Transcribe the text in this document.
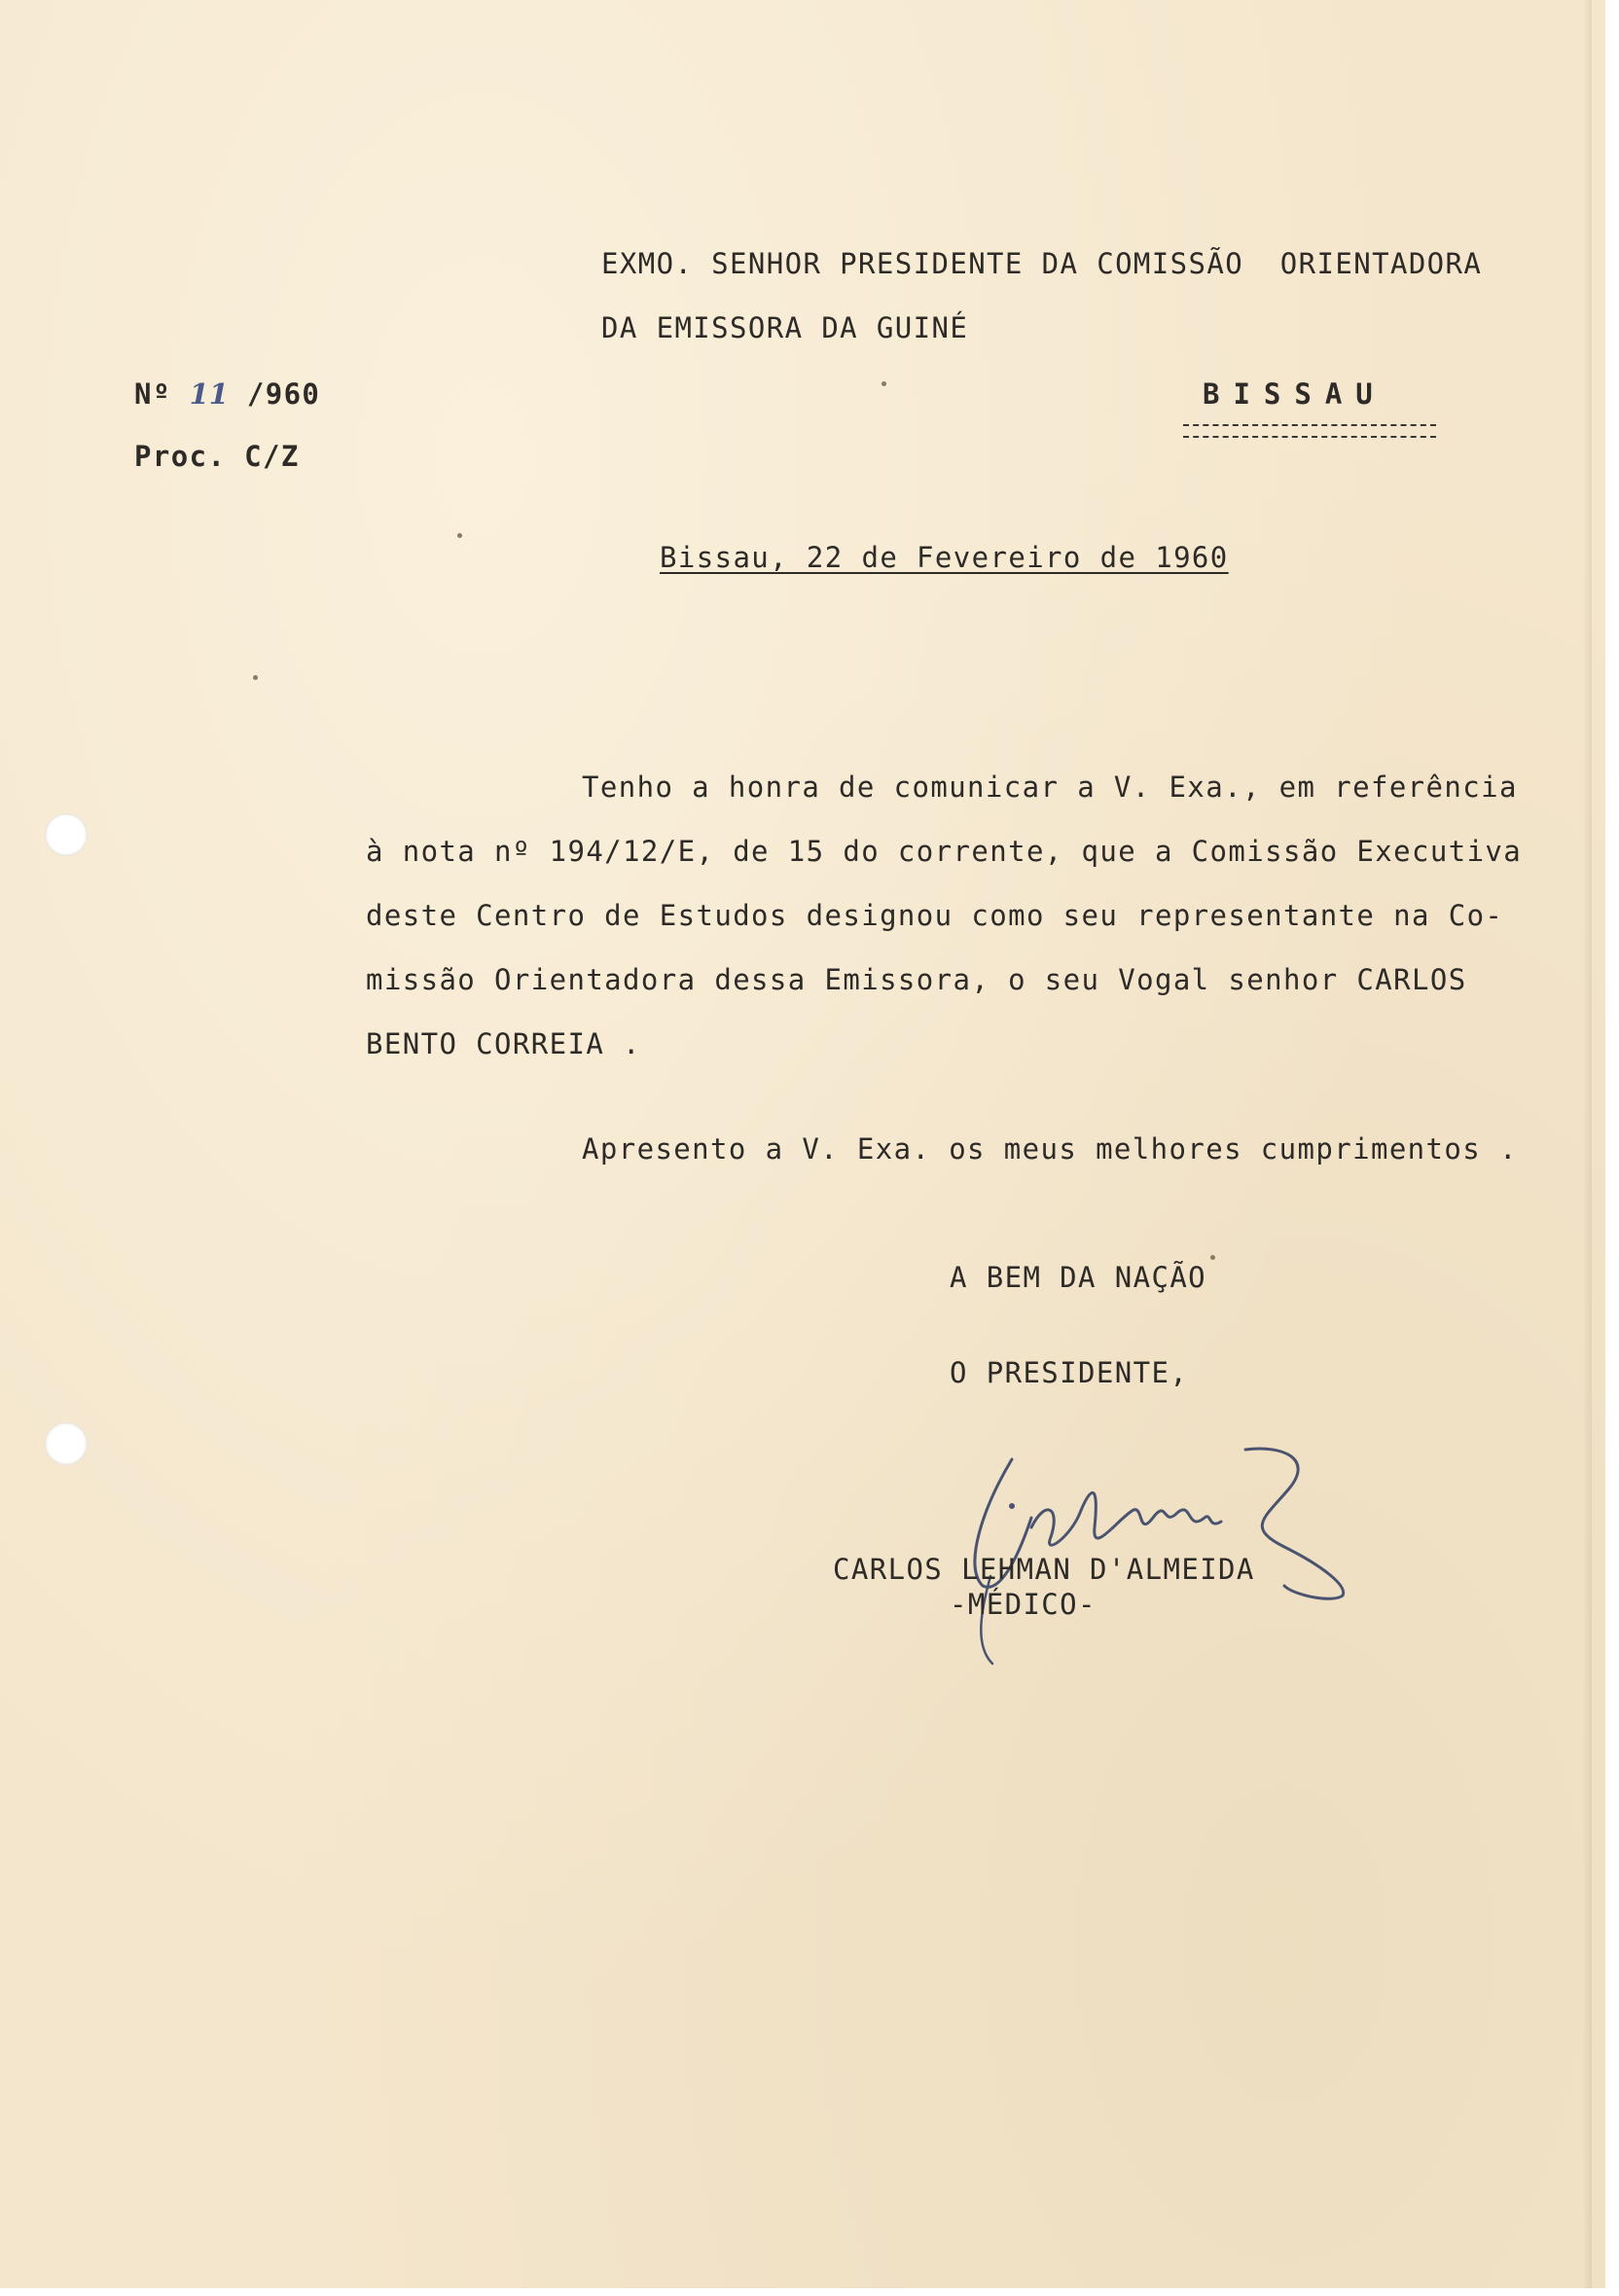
EXMO. SENHOR PRESIDENTE DA COMISSÃO  ORIENTADORA
DA EMISSORA DA GUINÉ
Nº 11 /960
Proc. C/Z
BISSAU
Bissau, 22 de Fevereiro de 1960
Tenho a honra de comunicar a V. Exa., em referência
à nota nº 194/12/E, de 15 do corrente, que a Comissão Executiva
deste Centro de Estudos designou como seu representante na Co-
missão Orientadora dessa Emissora, o seu Vogal senhor CARLOS
BENTO CORREIA .
Apresento a V. Exa. os meus melhores cumprimentos .
A BEM DA NAÇÃO
O PRESIDENTE,
CARLOS LEHMAN D'ALMEIDA
-MÉDICO-
